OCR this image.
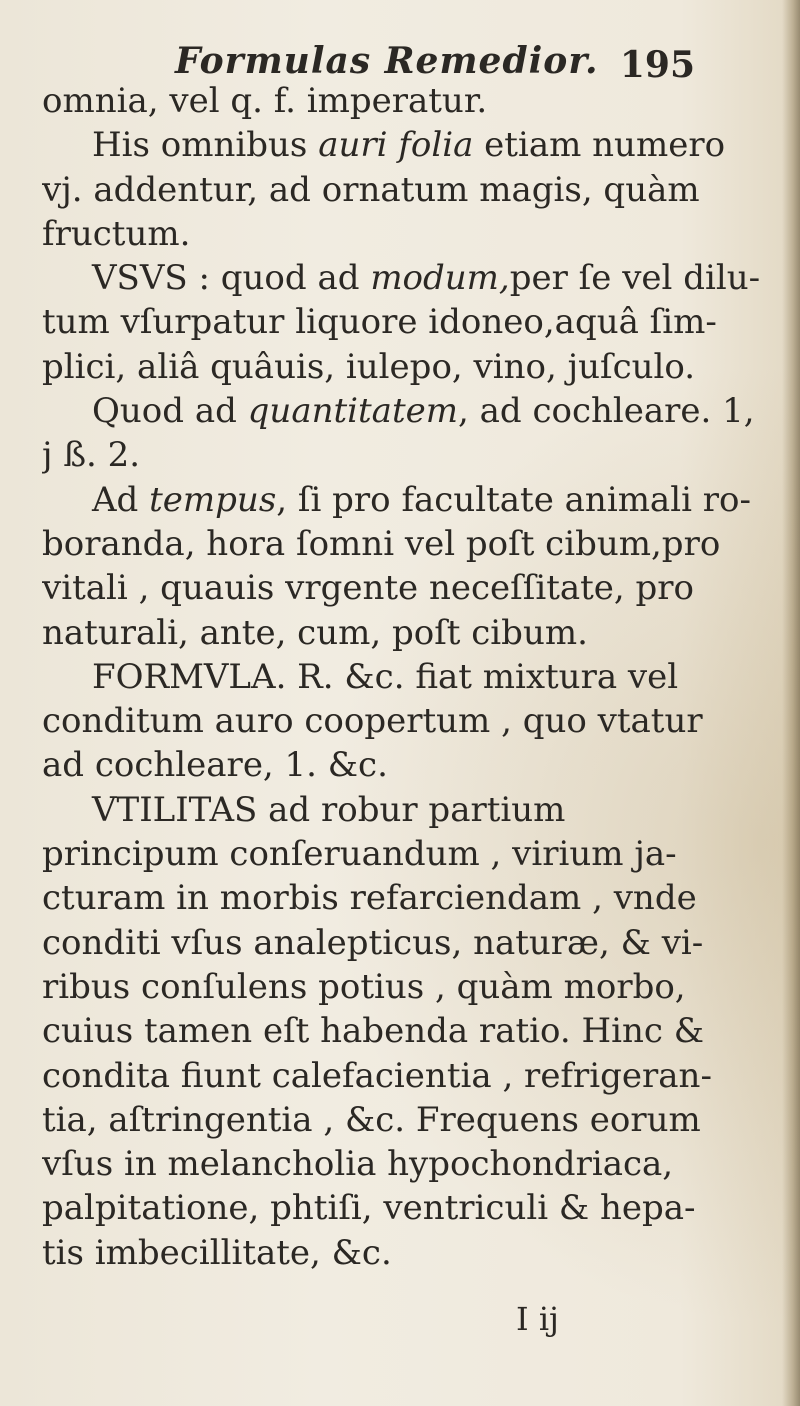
Formulas Remedior. 195
omnia, vel q. f. imperatur.
His omnibus auri folia etiam numero
vj. addentur, ad ornatum magis, quàm
fructum.
VSVS : quod ad modum,per ſe vel dilu-
tum vſurpatur liquore idoneo,aquâ ſim-
plici, aliâ quâuis, iulepo, vino, juſculo.
Quod ad quantitatem, ad cochleare. 1,
j ß. 2.
Ad tempus, ſi pro facultate animali ro-
boranda, hora ſomni vel poſt cibum,pro
vitali , quauis vrgente neceſſitate, pro
naturali, ante, cum, poſt cibum.
FORMVLA. R. &c. fiat mixtura vel
conditum auro coopertum , quo vtatur
ad cochleare, 1. &c.
VTILITAS ad robur partium
principum conſeruandum , virium ja-
cturam in morbis refarciendam , vnde
conditi vſus analepticus, naturæ, & vi-
ribus conſulens potius , quàm morbo,
cuius tamen eſt habenda ratio. Hinc &
condita fiunt calefacientia , refrigeran-
tia, aſtringentia , &c. Frequens eorum
vſus in melancholia hypochondriaca,
palpitatione, phtiſi, ventriculi & hepa-
tis imbecillitate, &c.
I ij
